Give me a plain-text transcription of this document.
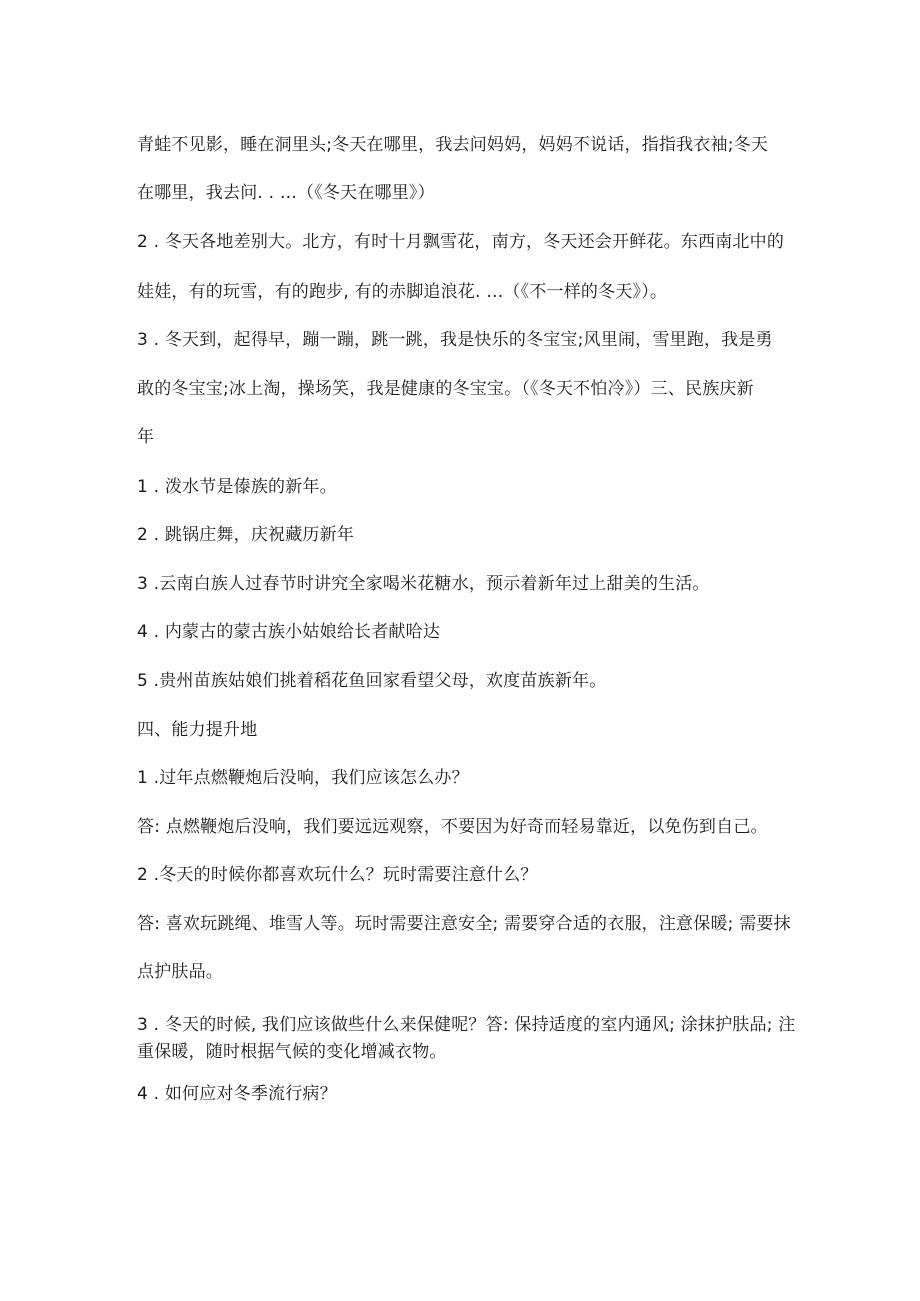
青蛙不见影，睡在洞里头;冬天在哪里，我去问妈妈，妈妈不说话，指指我衣袖;冬天
在哪里，我去问. . …（《冬天在哪里》）
2 . 冬天各地差别大。北方，有时十月飘雪花，南方，冬天还会开鲜花。东西南北中的
娃娃，有的玩雪，有的跑步, 有的赤脚追浪花. …（《不一样的冬天》）。
3 . 冬天到，起得早，蹦一蹦，跳一跳，我是快乐的冬宝宝;风里闹，雪里跑，我是勇
敢的冬宝宝;冰上淘，操场笑，我是健康的冬宝宝。（《冬天不怕冷》）三、民族庆新
年
1 . 泼水节是傣族的新年。
2 . 跳锅庄舞，庆祝藏历新年
3 .云南白族人过春节时讲究全家喝米花糖水，预示着新年过上甜美的生活。
4 . 内蒙古的蒙古族小姑娘给长者献哈达
5 .贵州苗族姑娘们挑着稻花鱼回家看望父母，欢度苗族新年。
四、能力提升地
1 .过年点燃鞭炮后没响，我们应该怎么办？
答: 点燃鞭炮后没响，我们要远远观察，不要因为好奇而轻易靠近，以免伤到自己。
2 .冬天的时候你都喜欢玩什么？玩时需要注意什么？
答: 喜欢玩跳绳、堆雪人等。玩时需要注意安全; 需要穿合适的衣服，注意保暖; 需要抹
点护肤品。
3 . 冬天的时候, 我们应该做些什么来保健呢？答: 保持适度的室内通风; 涂抹护肤品; 注
重保暖，随时根据气候的变化增减衣物。
4 . 如何应对冬季流行病？
